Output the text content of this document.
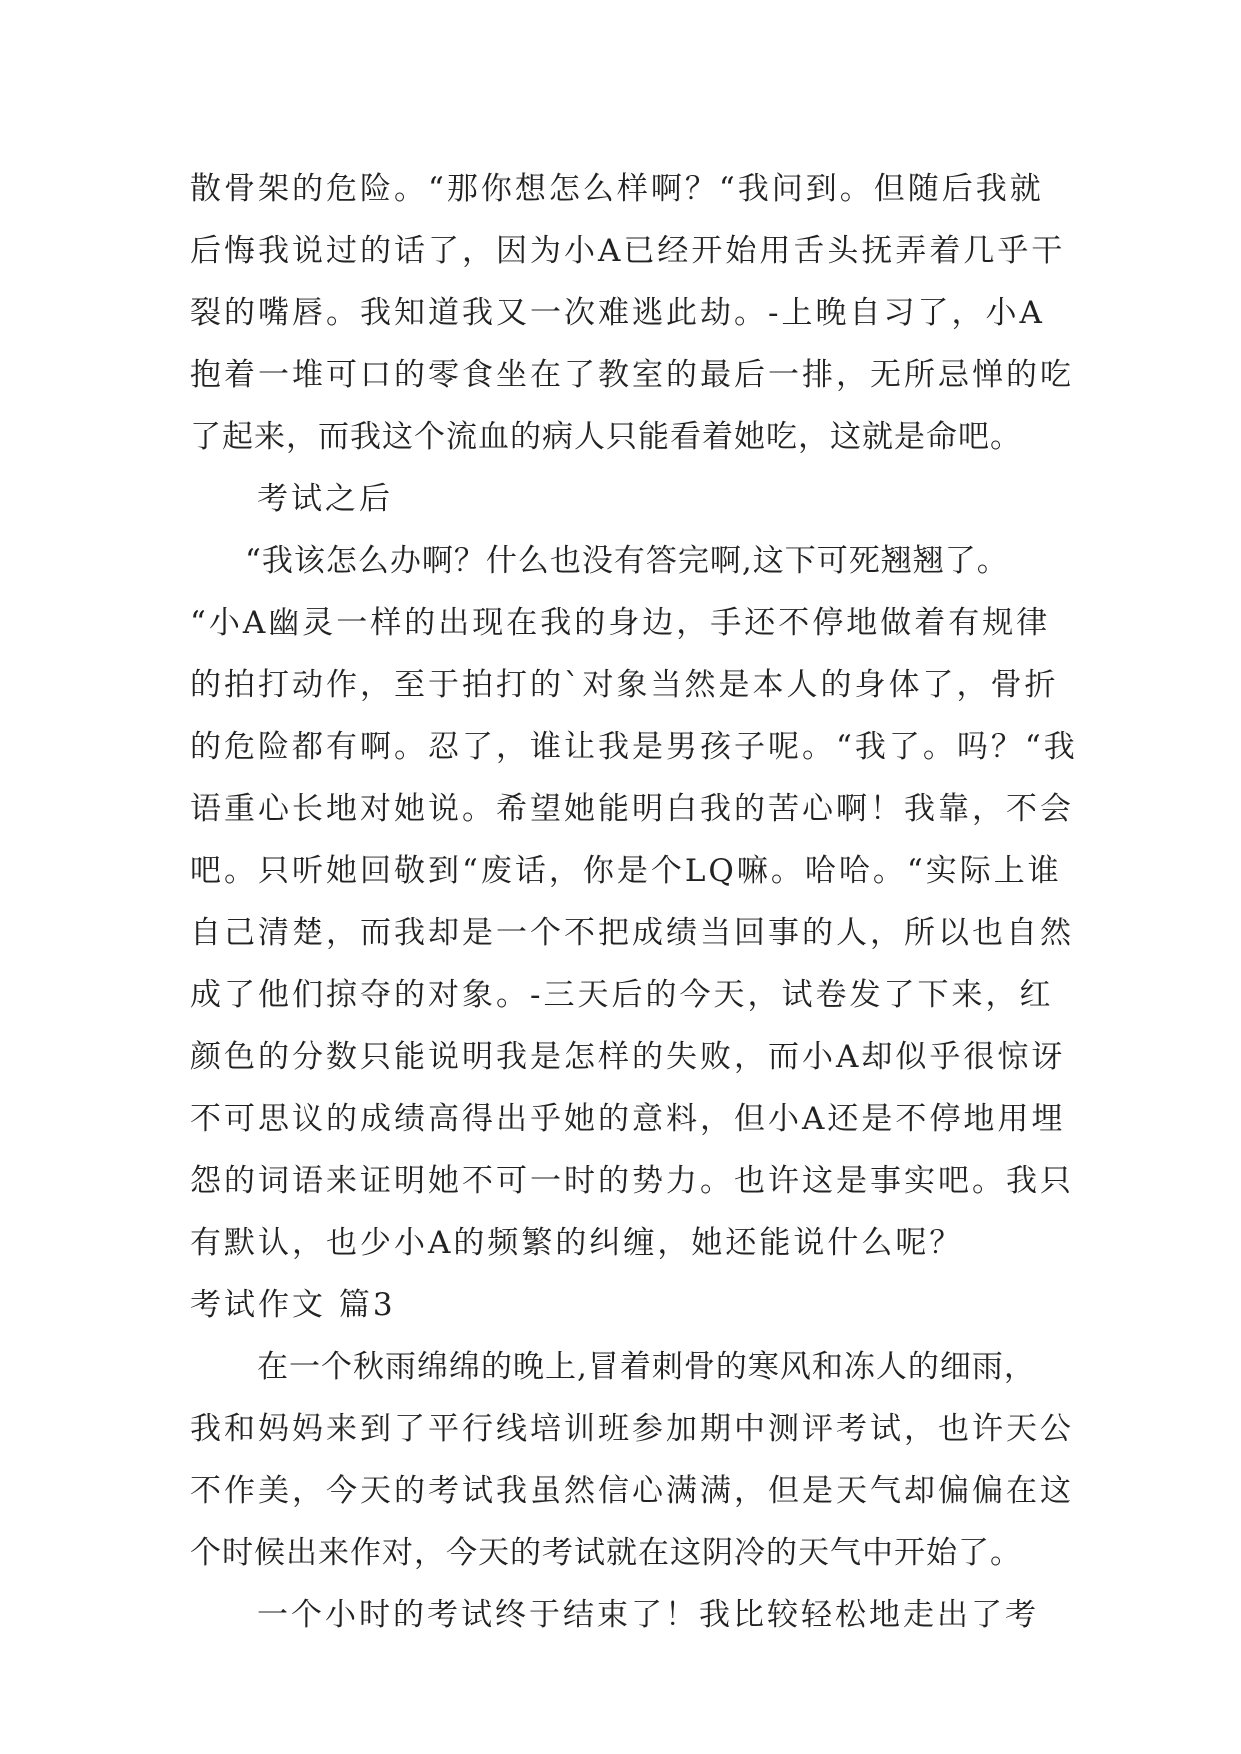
散骨架的危险。“那你想怎么样啊？“我问到。但随后我就
后悔我说过的话了，因为小A已经开始用舌头抚弄着几乎干
裂的嘴唇。我知道我又一次难逃此劫。-上晚自习了，小A
抱着一堆可口的零食坐在了教室的最后一排，无所忌惮的吃
了起来，而我这个流血的病人只能看着她吃，这就是命吧。
考试之后
“我该怎么办啊？什么也没有答完啊,这下可死翘翘了。
“小A幽灵一样的出现在我的身边，手还不停地做着有规律
的拍打动作，至于拍打的`对象当然是本人的身体了，骨折
的危险都有啊。忍了，谁让我是男孩子呢。“我了。吗？“我
语重心长地对她说。希望她能明白我的苦心啊！我靠，不会
吧。只听她回敬到“废话，你是个LQ嘛。哈哈。“实际上谁
自己清楚，而我却是一个不把成绩当回事的人，所以也自然
成了他们掠夺的对象。-三天后的今天，试卷发了下来，红
颜色的分数只能说明我是怎样的失败，而小A却似乎很惊讶
不可思议的成绩高得出乎她的意料，但小A还是不停地用埋
怨的词语来证明她不可一时的势力。也许这是事实吧。我只
有默认，也少小A的频繁的纠缠，她还能说什么呢？
考试作文 篇3
在一个秋雨绵绵的晚上,冒着刺骨的寒风和冻人的细雨，
我和妈妈来到了平行线培训班参加期中测评考试，也许天公
不作美，今天的考试我虽然信心满满，但是天气却偏偏在这
个时候出来作对，今天的考试就在这阴冷的天气中开始了。
一个小时的考试终于结束了！我比较轻松地走出了考
